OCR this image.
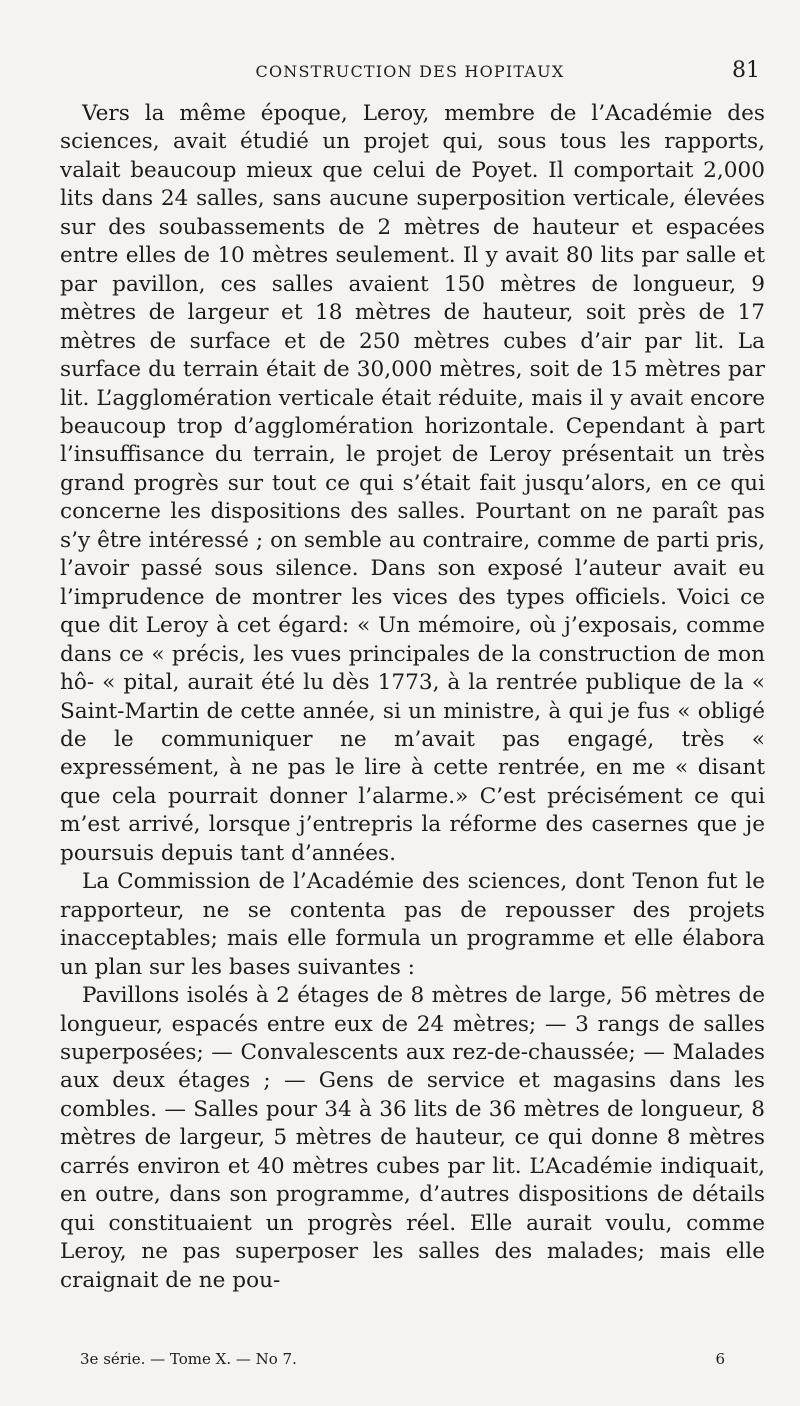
CONSTRUCTION DES HOPITAUX	81

Vers la même époque, Leroy, membre de l’Académie des sciences, avait étudié un projet qui, sous tous les rapports, valait beaucoup mieux que celui de Poyet. Il comportait 2,000 lits dans 24 salles, sans aucune superposition verticale, élevées sur des soubassements de 2 mètres de hauteur et espacées entre elles de 10 mètres seulement. Il y avait 80 lits par salle et par pavillon, ces salles avaient 150 mètres de longueur, 9 mètres de largeur et 18 mètres de hauteur, soit près de 17 mètres de surface et de 250 mètres cubes d’air par lit. La surface du terrain était de 30,000 mètres, soit de 15 mètres par lit. L’agglomération verticale était réduite, mais il y avait encore beaucoup trop d’agglomération horizontale. Cependant à part l’insuffisance du terrain, le projet de Leroy présentait un très grand progrès sur tout ce qui s’était fait jusqu’alors, en ce qui concerne les dispositions des salles. Pourtant on ne paraît pas s’y être intéressé ; on semble au contraire, comme de parti pris, l’avoir passé sous silence. Dans son exposé l’auteur avait eu l’imprudence de montrer les vices des types officiels. Voici ce que dit Leroy à cet égard: « Un mémoire, où j’exposais, comme dans ce « précis, les vues principales de la construction de mon hô- « pital, aurait été lu dès 1773, à la rentrée publique de la « Saint-Martin de cette année, si un ministre, à qui je fus « obligé de le communiquer ne m’avait pas engagé, très « expressément, à ne pas le lire à cette rentrée, en me « disant que cela pourrait donner l’alarme.» C’est précisément ce qui m’est arrivé, lorsque j’entrepris la réforme des casernes que je poursuis depuis tant d’années.

La Commission de l’Académie des sciences, dont Tenon fut le rapporteur, ne se contenta pas de repousser des projets inacceptables; mais elle formula un programme et elle élabora un plan sur les bases suivantes :

Pavillons isolés à 2 étages de 8 mètres de large, 56 mètres de longueur, espacés entre eux de 24 mètres; — 3 rangs de salles superposées; — Convalescents aux rez-de-chaussée; — Malades aux deux étages ; — Gens de service et magasins dans les combles. — Salles pour 34 à 36 lits de 36 mètres de longueur, 8 mètres de largeur, 5 mètres de hauteur, ce qui donne 8 mètres carrés environ et 40 mètres cubes par lit. L’Académie indiquait, en outre, dans son programme, d’autres dispositions de détails qui constituaient un progrès réel. Elle aurait voulu, comme Leroy, ne pas superposer les salles des malades; mais elle craignait de ne pou-

3e série. — Tome X. — No 7.	6
